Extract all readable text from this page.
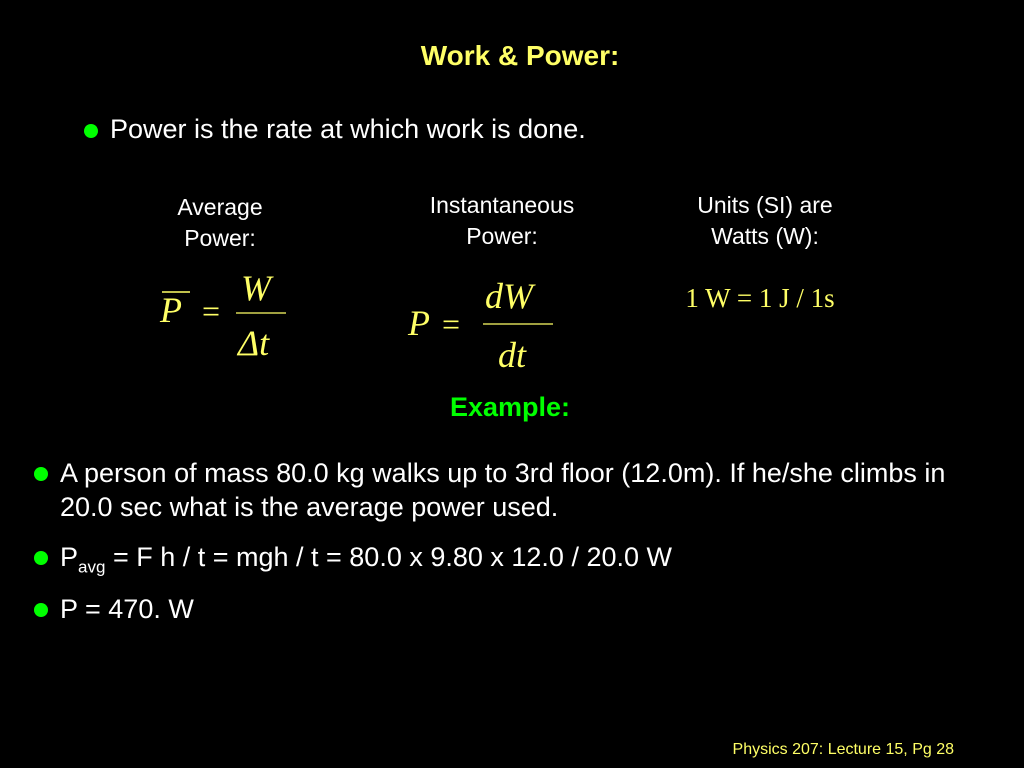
Work & Power:
Power is the rate at which work is done.
Average
Power:
P =
W
Δt
Instantaneous
Power:
P =
dW
dt
Units (SI) are
Watts (W):
1 W = 1 J / 1s
Example:
A person of mass 80.0 kg walks up to 3rd floor (12.0m). If he/she climbs in 20.0 sec what is the average power used.
$P_{avg} = F$ h / t = mgh / t = 80.0 x 9.80 x 12.0 / 20.0 W
P = 470. W
Physics 207: Lecture 15, Pg 28
